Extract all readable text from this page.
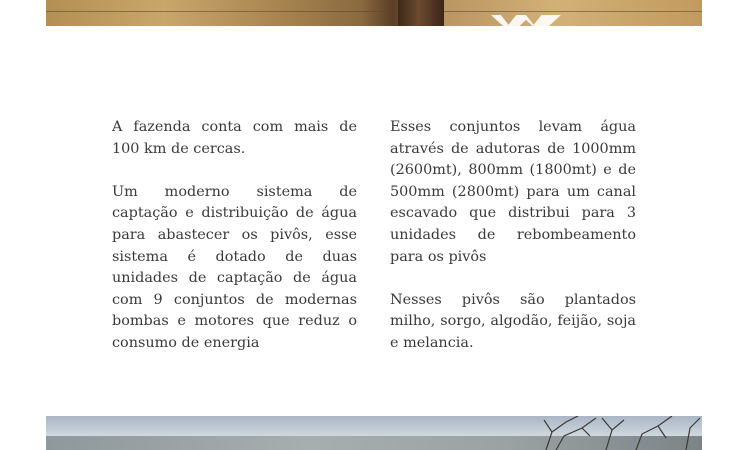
A fazenda conta com mais de 100 km de cercas.

Um moderno sistema de captação e distribuição de água para abastecer os pivôs, esse sistema é dotado de duas unidades de captação de água com 9 conjuntos de modernas bombas e motores que reduz o consumo de energia

Esses conjuntos levam água através de adutoras de 1000mm (2600mt), 800mm (1800mt) e de 500mm (2800mt) para um canal escavado que distribui para 3 unidades de rebombeamento para os pivôs

Nesses pivôs são plantados milho, sorgo, algodão, feijão, soja e melancia.
